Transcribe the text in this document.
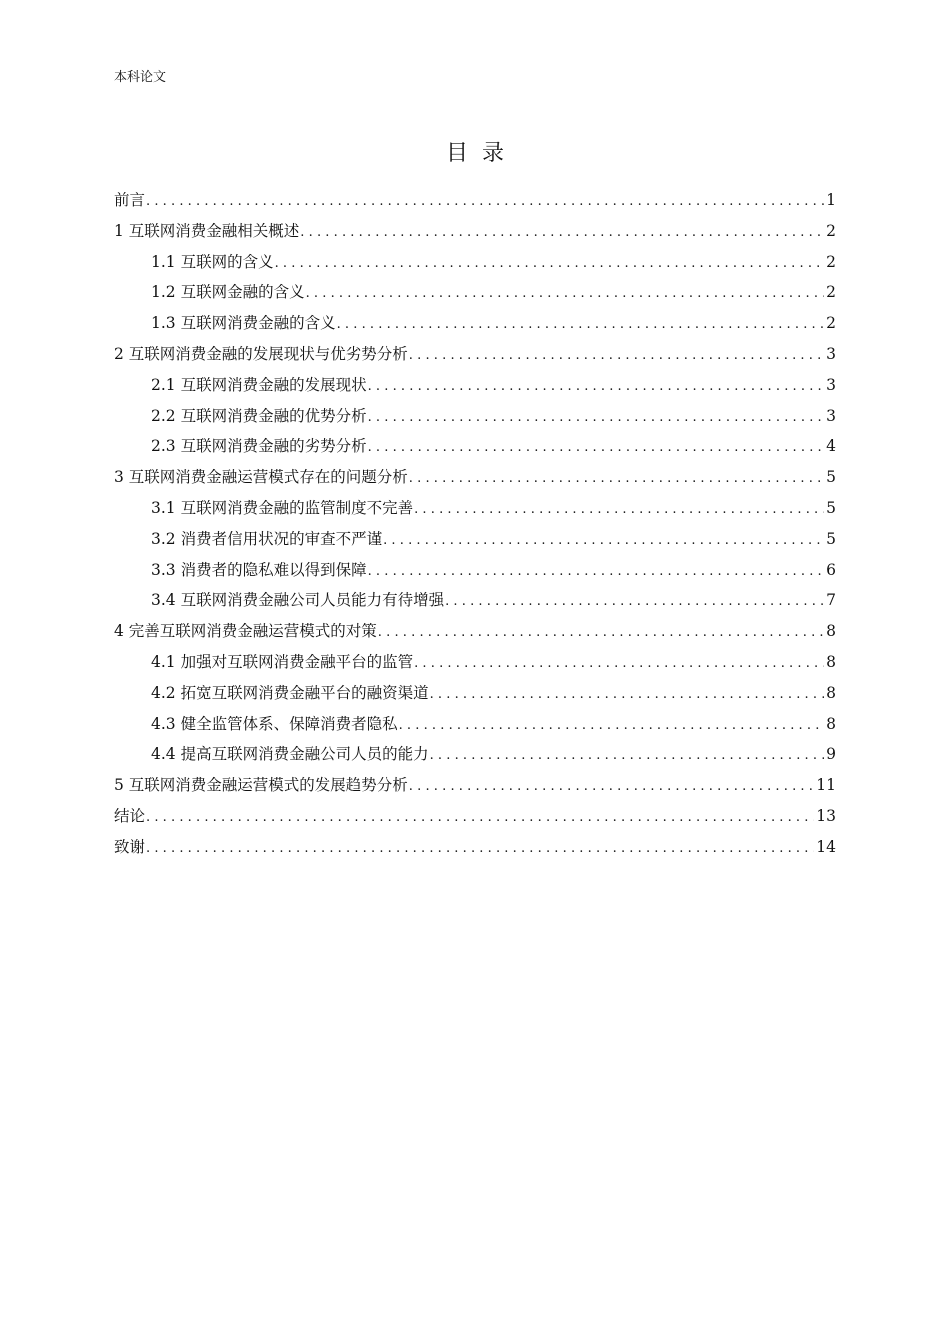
本科论文
目  录
前言 .....	1
1 互联网消费金融相关概述 .....	2
1.1 互联网的含义 .....	2
1.2 互联网金融的含义 .....	2
1.3 互联网消费金融的含义 .....	2
2 互联网消费金融的发展现状与优劣势分析 .....	3
2.1 互联网消费金融的发展现状 .....	3
2.2 互联网消费金融的优势分析 .....	3
2.3 互联网消费金融的劣势分析 .....	4
3 互联网消费金融运营模式存在的问题分析 .....	5
3.1 互联网消费金融的监管制度不完善 .....	5
3.2 消费者信用状况的审查不严谨 .....	5
3.3 消费者的隐私难以得到保障 .....	6
3.4 互联网消费金融公司人员能力有待增强 .....	7
4 完善互联网消费金融运营模式的对策 .....	8
4.1 加强对互联网消费金融平台的监管 .....	8
4.2 拓宽互联网消费金融平台的融资渠道 .....	8
4.3 健全监管体系、保障消费者隐私 .....	8
4.4 提高互联网消费金融公司人员的能力 .....	9
5 互联网消费金融运营模式的发展趋势分析 .....	11
结论 .....	13
致谢 .....	14
